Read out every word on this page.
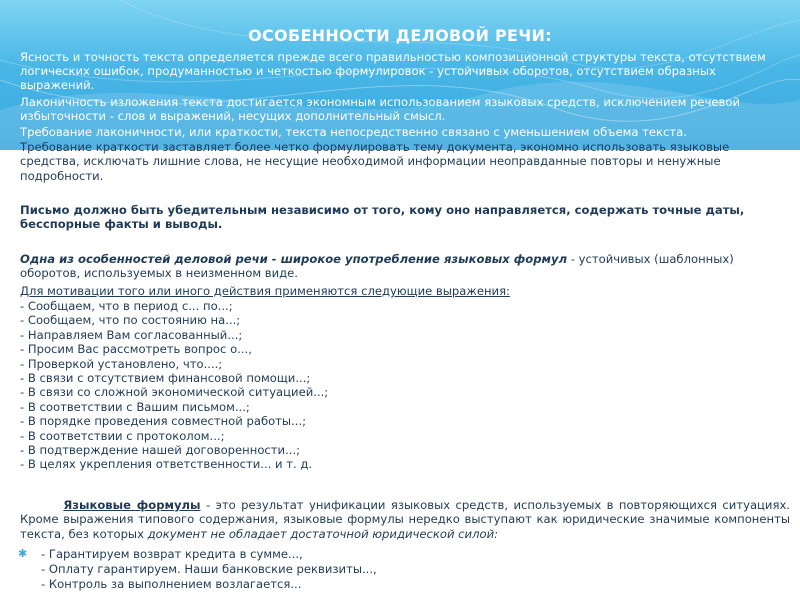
ОСОБЕННОСТИ ДЕЛОВОЙ РЕЧИ:

Ясность и точность текста определяется прежде всего правильностью композиционной структуры текста, отсутствием логических ошибок, продуманностью и четкостью формулировок - устойчивых оборотов, отсутствием образных выражений.

Лаконичность изложения текста достигается экономным использованием языковых средств, исключением речевой избыточности - слов и выражений, несущих дополнительный смысл.

Требование лаконичности, или краткости, текста непосредственно связано с уменьшением объема текста.

Требование краткости заставляет более четко формулировать тему документа, экономно использовать языковые средства, исключать лишние слова, не несущие необходимой информации неоправданные повторы и ненужные подробности.

Письмо должно быть убедительным независимо от того, кому оно направляется, содержать точные даты, бесспорные факты и выводы.

Одна из особенностей деловой речи - широкое употребление языковых формул - устойчивых (шаблонных) оборотов, используемых в неизменном виде.

Для мотивации того или иного действия применяются следующие выражения:

- Сообщаем, что в период с... по...;
- Сообщаем, что по состоянию на...;
- Направляем Вам согласованный...;
- Просим Вас рассмотреть вопрос о...,
- Проверкой установлено, что....;
- В связи с отсутствием финансовой помощи...;
- В связи со сложной экономической ситуацией...;
- В соответствии с Вашим письмом...;
- В порядке проведения совместной работы...;
- В соответствии с протоколом...;
- В подтверждение нашей договоренности...;
- В целях укрепления ответственности... и т. д.

Языковые формулы - это результат унификации языковых средств, используемых в повторяющихся ситуациях. Кроме выражения типового содержания, языковые формулы нередко выступают как юридические значимые компоненты текста, без которых документ не обладает достаточной юридической силой:

✱ - Гарантируем возврат кредита в сумме...,
- Оплату гарантируем. Наши банковские реквизиты...,
- Контроль за выполнением возлагается...
